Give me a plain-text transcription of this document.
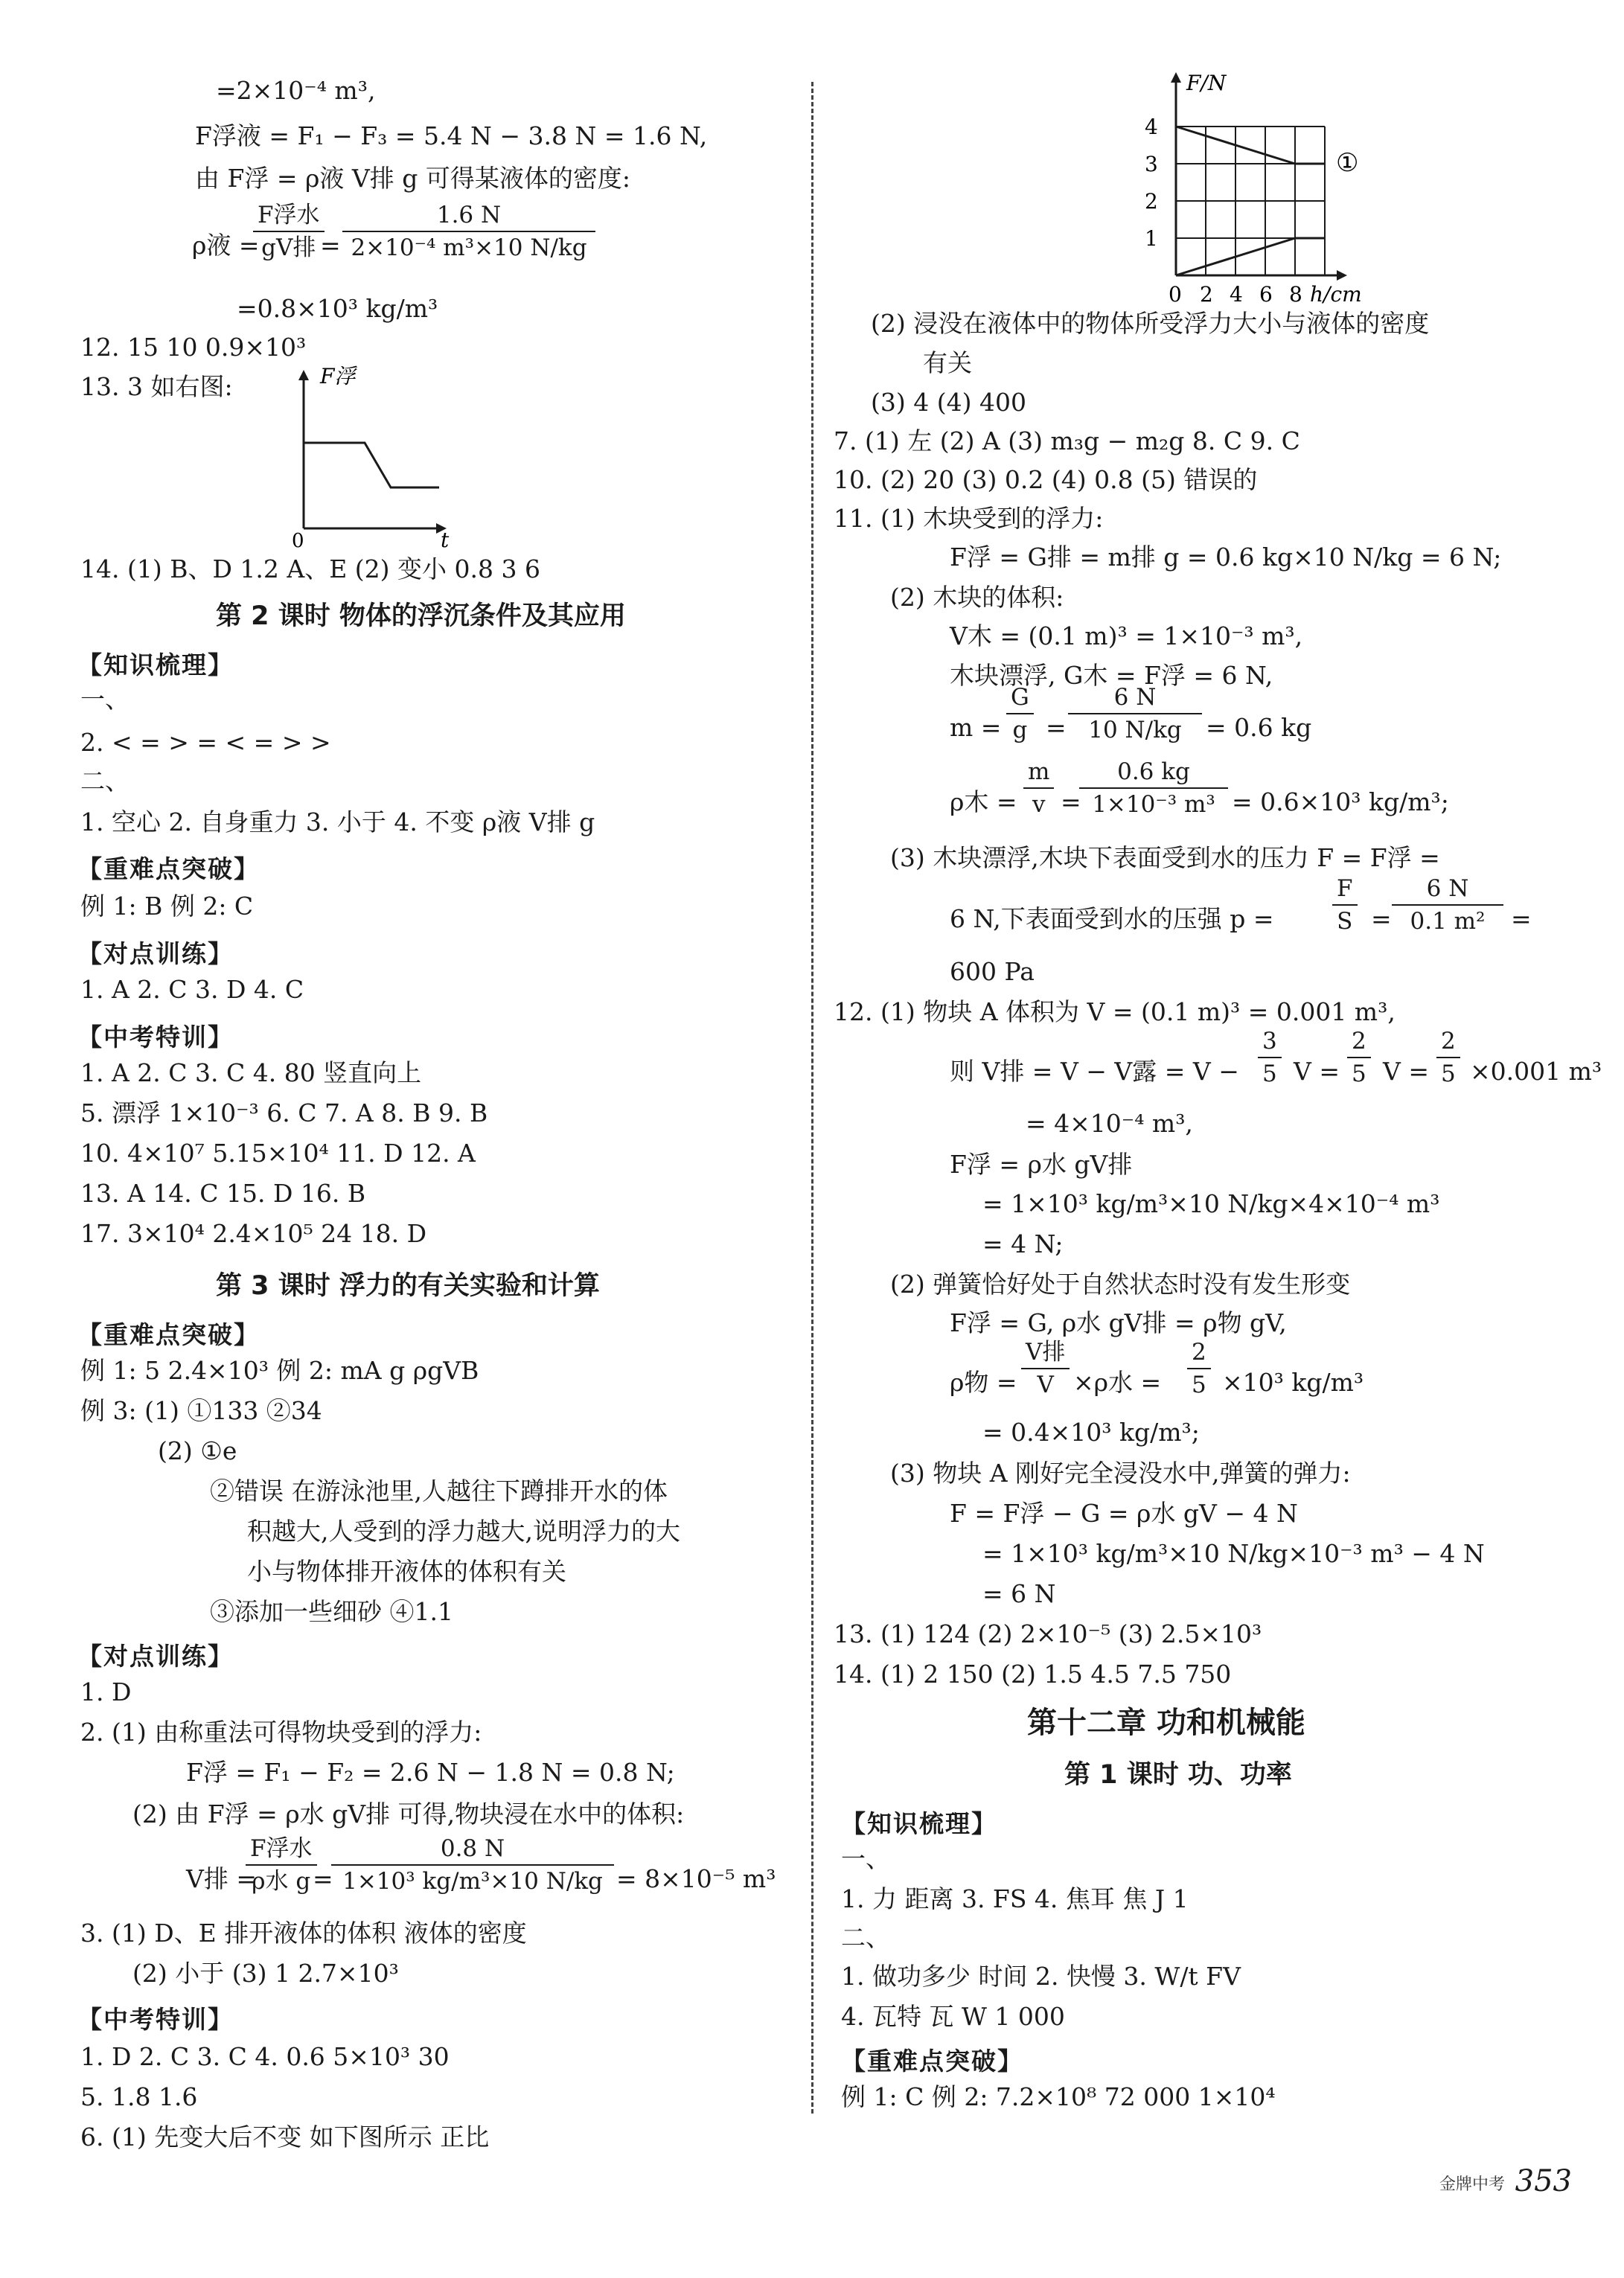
=2×10⁻⁴ m³,
F浮液 = F₁ − F₃ = 5.4 N − 3.8 N = 1.6 N,
由 F浮 = ρ液 V排 g 可得某液体的密度:
ρ液 =
F浮水
gV排 = $\frac{1.6 N}{\text{2×10⁻⁴ m³×10 N/kg}}$
=0.8×10³ kg/m³
12. 15 10 0.9×10³
13. 3 如右图:	F浮
0	t
14. (1) B、D 1.2 A、E (2) 变小 0.8 3 6
第 2 课时 物体的浮沉条件及其应用
【知识梳理】
一、
2. < = > = < = > >
二、
1. 空心 2. 自身重力 3. 小于 4. 不变 ρ液 V排 g
【重难点突破】
例 1: B 例 2: C
【对点训练】
1. A 2. C 3. D 4. C
【中考特训】
1. A 2. C 3. C 4. 80 竖直向上
5. 漂浮 1×10⁻³ 6. C 7. A 8. B 9. B
10. 4×10⁷ 5.15×10⁴ 11. D 12. A
13. A 14. C 15. D 16. B
17. 3×10⁴ 2.4×10⁵ 24 18. D
第 3 课时 浮力的有关实验和计算
【重难点突破】
例 1: 5 2.4×10³ 例 2: mA g ρgVB
例 3: (1) ①133 ②34
(2) ①e
②错误 在游泳池里,人越往下蹲排开水的体
积越大,人受到的浮力越大,说明浮力的大
小与物体排开液体的体积有关
③添加一些细砂 ④1.1
【对点训练】
1. D
2. (1) 由称重法可得物块受到的浮力:
F浮 = F₁ − F₂ = 2.6 N − 1.8 N = 0.8 N;
(2) 由 F浮 = ρ水 gV排 可得,物块浸在水中的体积:
V排 =
F浮水
ρ水 g =
$\frac{0.8 N}{\text{1×10³ kg/m³×10 N/kg}} = 8\times 10^{-5}$ m³
3. (1) D、E 排开液体的体积 液体的密度
(2) 小于 (3) 1 2.7×10³
【中考特训】
1. D 2. C 3. C 4. 0.6 5×10³ 30
5. 1.8 1.6
6. (1) 先变大后不变 如下图所示 正比
F/N
4
3
2
1
0 2 4 6 8 h/cm
①
(2) 浸没在液体中的物体所受浮力大小与液体的密度
有关
(3) 4 (4) 400
7. (1) 左 (2) A (3) m₃g − m₂g 8. C 9. C
10. (2) 20 (3) 0.2 (4) 0.8 (5) 错误的
11. (1) 木块受到的浮力:
F浮 = G排 = m排 g = 0.6 kg×10 N/kg = 6 N;
(2) 木块的体积:
V木 = (0.1 m)³ = 1×10⁻³ m³,
木块漂浮, G木 = F浮 = 6 N,
$m = \frac{G}{g} = \frac{6 N}{10 N/kg} = 0.6$ kg
ρ木 = $\frac{m}{v}$ =
$\frac{0.6 kg}{\text{1×10⁻³ m³}} = 0.6\times 10^3$ kg/m³;
(3) 木块漂浮,木块下表面受到水的压力 F = F浮 =
6 N,下表面受到水的压强 p =	$\frac{F}{S} = \frac{6 N}{\text{0.1 m²}}$ =
600 Pa
12. (1) 物块 A 体积为 V = (0.1 m)³ = 0.001 m³,
则 V排 = V − V露 = $V - \frac{3}{5}$ $V = \frac{2}{5}$ $V = \frac{2}{5} \times 0.001$ m³
= 4×10⁻⁴ m³,
F浮 = ρ水 gV排
= 1×10³ kg/m³×10 N/kg×4×10⁻⁴ m³
= 4 N;
(2) 弹簧恰好处于自然状态时没有发生形变
F浮 = G, ρ水 gV排 = ρ物 gV,
ρ物 =
V排
V ×ρ水 = $\frac{2}{5} \times 10^3$ kg/m³
= 0.4×10³ kg/m³;
(3) 物块 A 刚好完全浸没水中,弹簧的弹力:
F = F浮 − G = ρ水 gV − 4 N
= 1×10³ kg/m³×10 N/kg×10⁻³ m³ − 4 N
= 6 N
13. (1) 124 (2) 2×10⁻⁵ (3) 2.5×10³
14. (1) 2 150 (2) 1.5 4.5 7.5 750
第十二章 功和机械能
第 1 课时 功、功率
【知识梳理】
一、
1. 力 距离 3. FS 4. 焦耳 焦 J 1
二、
1. 做功多少 时间 2. 快慢 3. W/t FV
4. 瓦特 瓦 W 1 000
【重难点突破】
例 1: C 例 2: 7.2×10⁸ 72 000 1×10⁴
金牌中考 353
